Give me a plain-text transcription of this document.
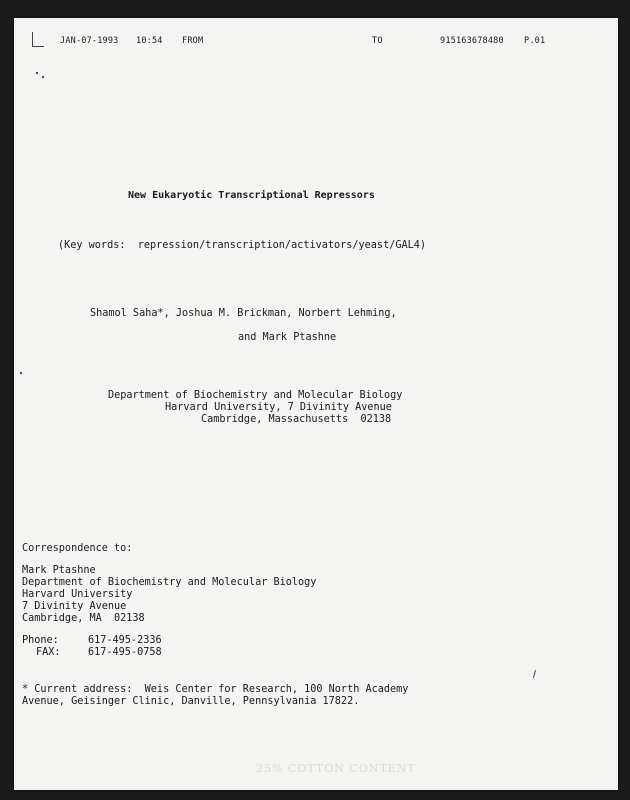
JAN-07-1993 10:54 FROM	TO	915163678480 P.01
New Eukaryotic Transcriptional Repressors
(Key words:  repression/transcription/activators/yeast/GAL4)
Shamol Saha*, Joshua M. Brickman, Norbert Lehming,
and Mark Ptashne
Department of Biochemistry and Molecular Biology
Harvard University, 7 Divinity Avenue
Cambridge, Massachusetts  02138
Correspondence to:
Mark Ptashne
Department of Biochemistry and Molecular Biology
Harvard University
7 Divinity Avenue
Cambridge, MA  02138
Phone:	617-495-2336
FAX:	617-495-0758
* Current address:  Weis Center for Research, 100 North Academy
Avenue, Geisinger Clinic, Danville, Pennsylvania 17822.
25% COTTON CONTENT
